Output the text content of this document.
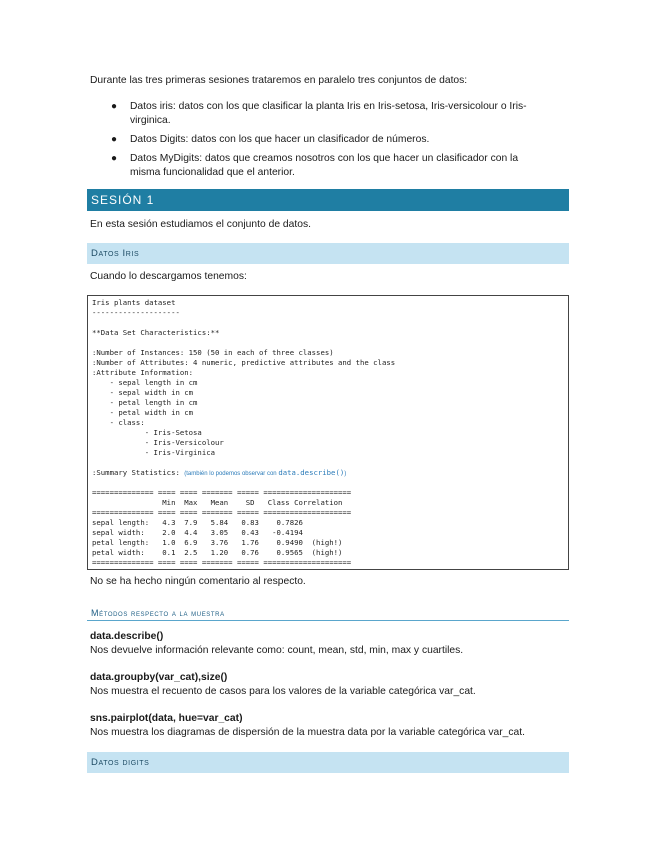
Durante las tres primeras sesiones trataremos en paralelo tres conjuntos de datos:
● Datos iris: datos con los que clasificar la planta Iris en Iris-setosa, Iris-versicolour o Iris-virginica.
● Datos Digits: datos con los que hacer un clasificador de números.
● Datos MyDigits: datos que creamos nosotros con los que hacer un clasificador con la misma funcionalidad que el anterior.
SESIÓN 1
En esta sesión estudiamos el conjunto de datos.
Datos Iris
Cuando lo descargamos tenemos:
Iris plants dataset
--------------------
**Data Set Characteristics:**
:Number of Instances: 150 (50 in each of three classes)
:Number of Attributes: 4 numeric, predictive attributes and the class
:Attribute Information:
- sepal length in cm
- sepal width in cm
- petal length in cm
- petal width in cm
- class:
- Iris-Setosa
- Iris-Versicolour
- Iris-Virginica
:Summary Statistics: (también lo podemos observar con data.describe())
============== ==== ==== ======= ===== ====================
Min  Max   Mean    SD   Class Correlation
============== ==== ==== ======= ===== ====================
sepal length:   4.3  7.9   5.84   0.83    0.7826
sepal width:    2.0  4.4   3.05   0.43   -0.4194
petal length:   1.0  6.9   3.76   1.76    0.9490  (high!)
petal width:    0.1  2.5   1.20   0.76    0.9565  (high!)
============== ==== ==== ======= ===== ====================
No se ha hecho ningún comentario al respecto.
Métodos respecto a la muestra
data.describe()
Nos devuelve información relevante como: count, mean, std, min, max y cuartiles.
data.groupby(var_cat),size()
Nos muestra el recuento de casos para los valores de la variable categórica var_cat.
sns.pairplot(data, hue=var_cat)
Nos muestra los diagramas de dispersión de la muestra data por la variable categórica var_cat.
Datos digits
